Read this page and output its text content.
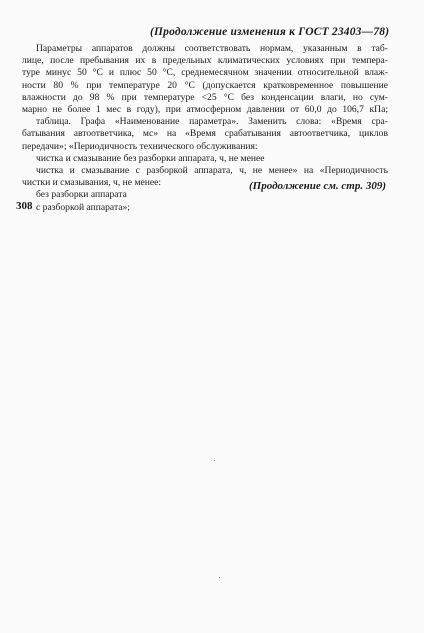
(Продолжение изменения к ГОСТ 23403—78)

Параметры аппаратов должны соответствовать нормам, указанным в таб-
лице, после пребывания их в предельных климатических условиях при темпера-
туре минус 50 °С и плюс 50 °С, среднемесячном значении относительной влаж-
ности 80 % при температуре 20 °С (допускается кратковременное повышение
влажности до 98 % при температуре <25 °С без конденсации влаги, но сум-
марно не более 1 мес в году), при атмосферном давлении от 60,0 до 106,7 кПа;
таблица. Графа «Наименование параметра». Заменить слова: «Время сра-
батывания автоответчика, мс» на «Время срабатывания автоответчика, циклов
передачи»; «Периодичность технического обслуживания:
чистка и смазывание без разборки аппарата, ч, не менее
чистка и смазывание с разборкой аппарата, ч, не менее» на «Периодичность
чистки и смазывания, ч, не менее:
без разборки аппарата
с разборкой аппарата»;

(Продолжение см. стр. 309)

308
